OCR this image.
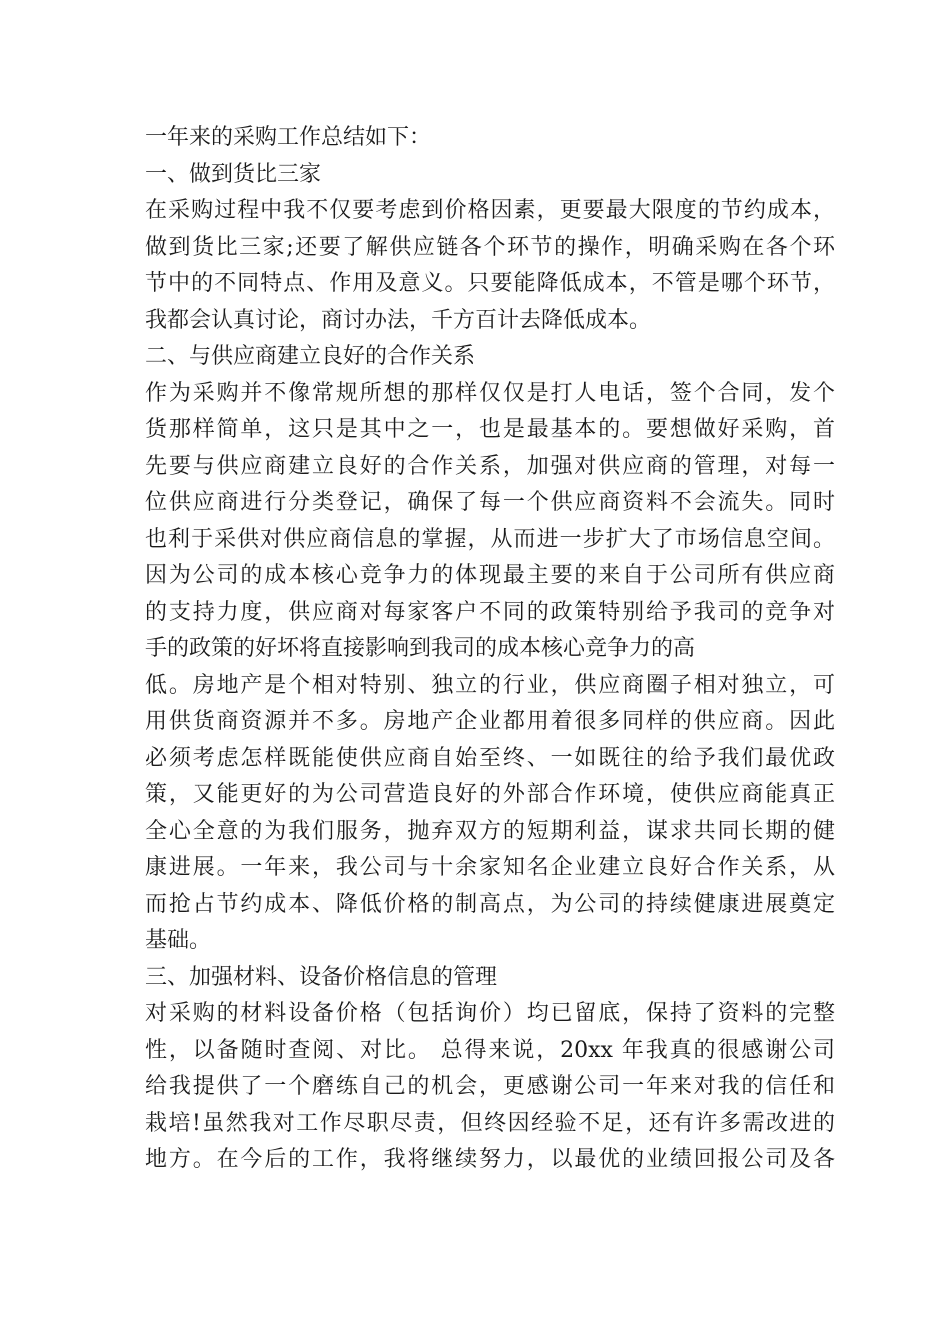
一年来的采购工作总结如下：
一、做到货比三家
在采购过程中我不仅要考虑到价格因素，更要最大限度的节约成本，
做到货比三家;还要了解供应链各个环节的操作，明确采购在各个环
节中的不同特点、作用及意义。只要能降低成本，不管是哪个环节，
我都会认真讨论，商讨办法，千方百计去降低成本。
二、与供应商建立良好的合作关系
作为采购并不像常规所想的那样仅仅是打人电话，签个合同，发个
货那样简单，这只是其中之一，也是最基本的。要想做好采购，首
先要与供应商建立良好的合作关系，加强对供应商的管理，对每一
位供应商进行分类登记，确保了每一个供应商资料不会流失。同时
也利于采供对供应商信息的掌握，从而进一步扩大了市场信息空间。
因为公司的成本核心竞争力的体现最主要的来自于公司所有供应商
的支持力度，供应商对每家客户不同的政策特别给予我司的竞争对
手的政策的好坏将直接影响到我司的成本核心竞争力的高
低。房地产是个相对特别、独立的行业，供应商圈子相对独立，可
用供货商资源并不多。房地产企业都用着很多同样的供应商。因此
必须考虑怎样既能使供应商自始至终、一如既往的给予我们最优政
策，又能更好的为公司营造良好的外部合作环境，使供应商能真正
全心全意的为我们服务，抛弃双方的短期利益，谋求共同长期的健
康进展。一年来，我公司与十余家知名企业建立良好合作关系，从
而抢占节约成本、降低价格的制高点，为公司的持续健康进展奠定
基础。
三、加强材料、设备价格信息的管理
对采购的材料设备价格（包括询价）均已留底，保持了资料的完整
性，以备随时查阅、对比。 总得来说，20xx 年我真的很感谢公司
给我提供了一个磨练自己的机会，更感谢公司一年来对我的信任和
栽培!虽然我对工作尽职尽责，但终因经验不足，还有许多需改进的
地方。在今后的工作，我将继续努力，以最优的业绩回报公司及各
